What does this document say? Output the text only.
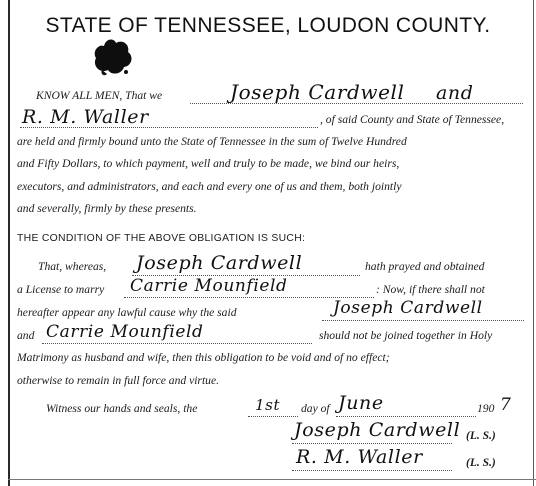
STATE OF TENNESSEE, LOUDON COUNTY.
KNOW ALL MEN, That we	Joseph Cardwell and
R. M. Waller	, of said County and State of Tennessee,
are held and firmly bound unto the State of Tennessee in the sum of Twelve Hundred
and Fifty Dollars, to which payment, well and truly to be made, we bind our heirs,
executors, and administrators, and each and every one of us and them, both jointly
and severally, firmly by these presents.
THE CONDITION OF THE ABOVE OBLIGATION IS SUCH:
That, whereas, Joseph Cardwell	hath prayed and obtained
a License to marry Carrie Mounfield	: Now, if there shall not
hereafter appear any lawful cause why the said	Joseph Cardwell
and Carrie Mounfield	should not be joined together in Holy
Matrimony as husband and wife, then this obligation to be void and of no effect;
otherwise to remain in full force and virtue.
Witness our hands and seals, the	1st day of June	190 7
Joseph Cardwell (L. S.)
R. M. Waller	(L. S.)
